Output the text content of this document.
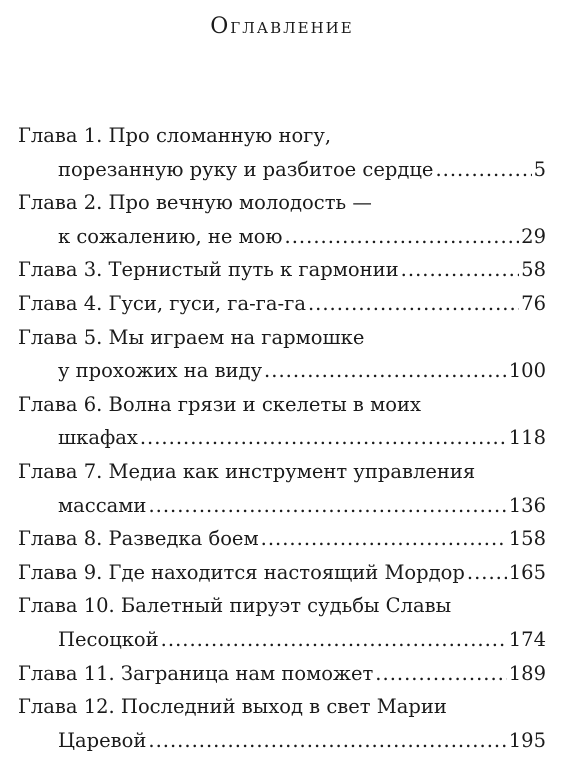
Оглавление
Глава 1. Про сломанную ногу,
порезанную руку и разбитое сердце .....	5
Глава 2. Про вечную молодость —
к сожалению, не мою .....	29
Глава 3. Тернистый путь к гармонии .....	58
Глава 4. Гуси, гуси, га-га-га .....	76
Глава 5. Мы играем на гармошке
у прохожих на виду .....	100
Глава 6. Волна грязи и скелеты в моих
шкафах .....	118
Глава 7. Медиа как инструмент управления
массами .....	136
Глава 8. Разведка боем .....	158
Глава 9. Где находится настоящий Мордор ..... 165
Глава 10. Балетный пируэт судьбы Славы
Песоцкой .....	174
Глава 11. Заграница нам поможет .....	189
Глава 12. Последний выход в свет Марии
Царевой .....	195
